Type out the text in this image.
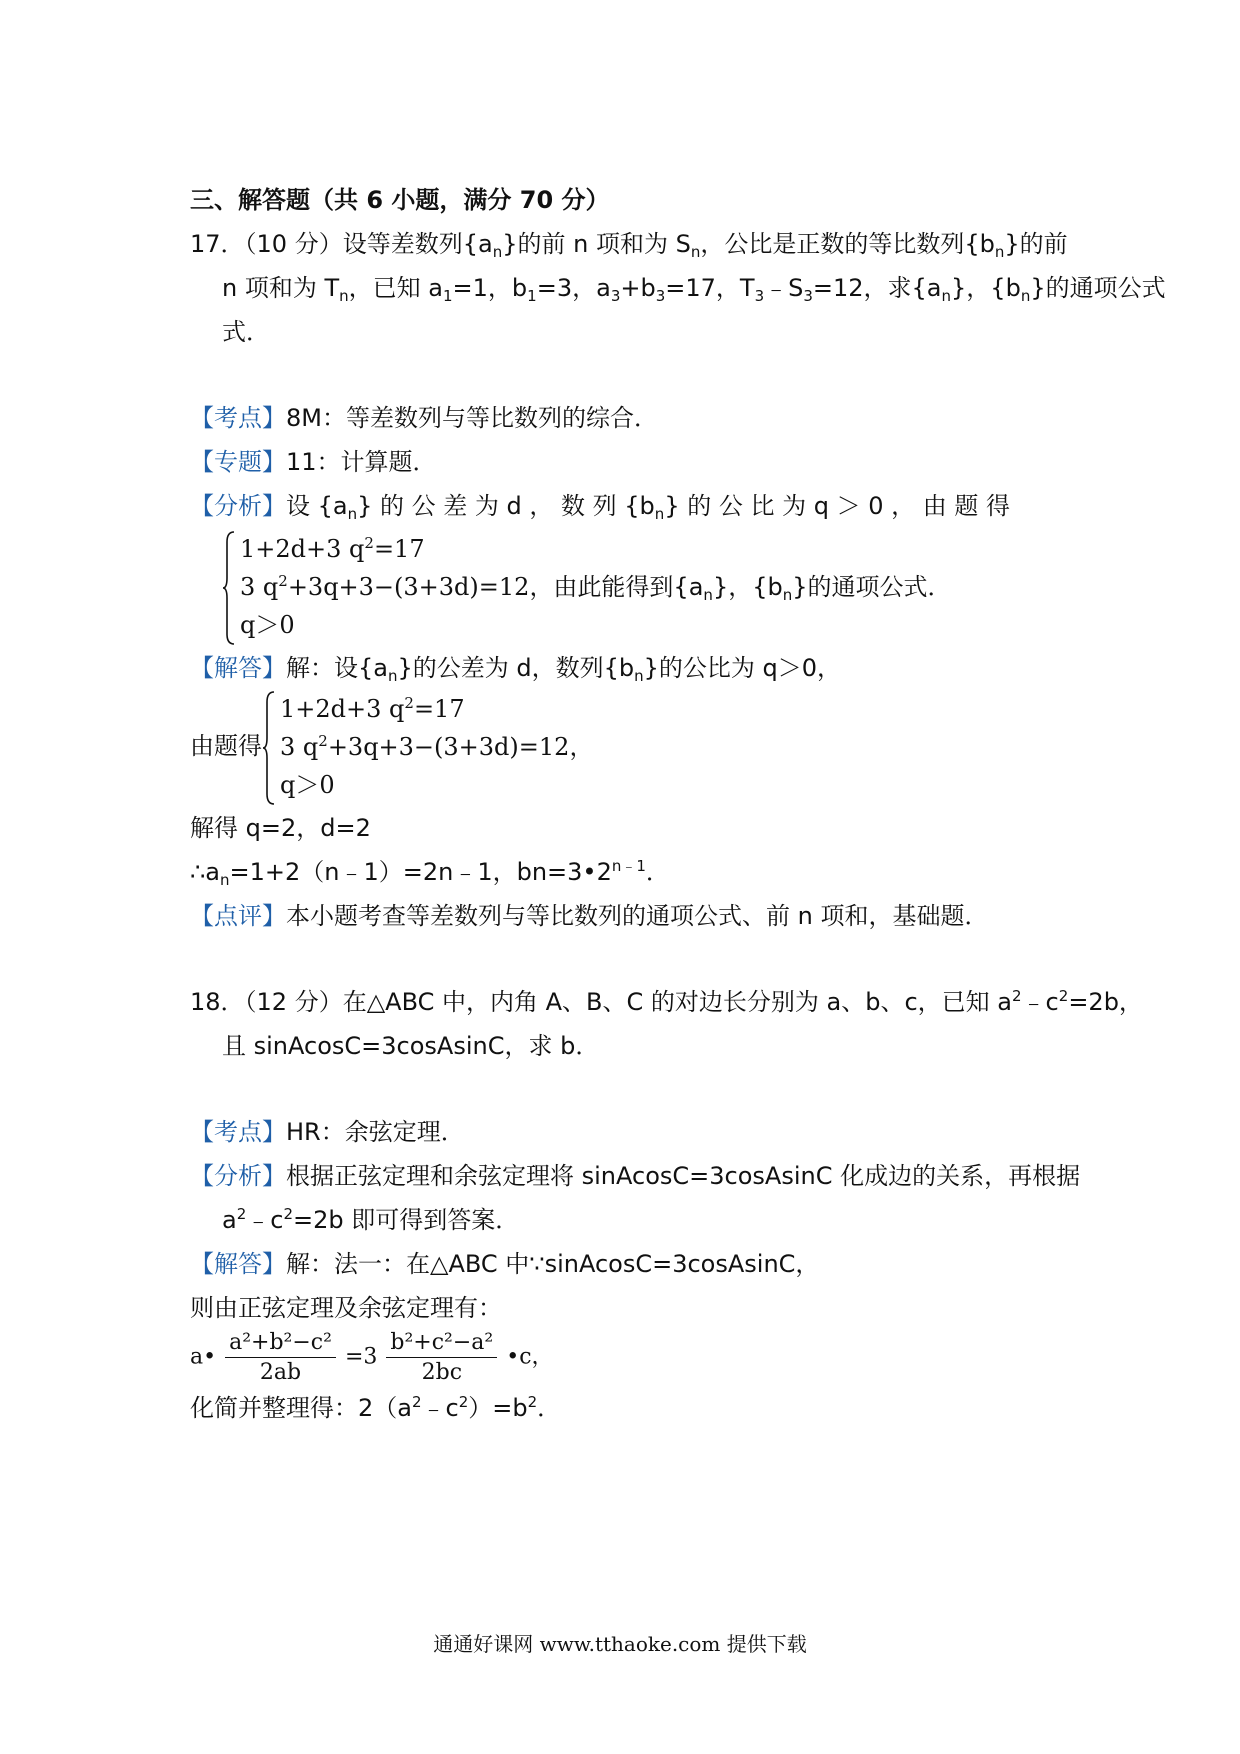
三、解答题（共 6 小题，满分 70 分）
17．（10 分）设等差数列$\{a_n\}$的前 n 项和为 $S_n$，公比是正数的等比数列$\{b_n\}$的前
n 项和为 $T_n$，已知 $a_1=1$，$b_1=3$，$a_3+b_3=17$，$T_3﹣S_3=12$，求$\{a_n\}$，$\{b_n\}$的通项公式
式．
【考点】8M：等差数列与等比数列的综合．
【专题】11：计算题．
【分析】设 $\{a_n\}$ 的 公 差 为 d ， 数 列 $\{b_n\}$ 的 公 比 为 q ＞ 0 ， 由 题 得
1+2d+3 $q^2=17$
3 $q^2+3q+3-(3+3d)=12$，由此能得到$\{a_n\}$，$\{b_n\}$的通项公式．
q＞0
【解答】解：设$\{a_n\}$的公差为 d，数列$\{b_n\}$的公比为 q＞0，
由题得
1+2d+3 $q^2=17$
3 $q^2+3q+3-(3+3d)=12$，
q＞0
解得 q=2，d=2
$\therefore a_n=1+2(n﹣1)=2n﹣1$，$bn=3•2^{n﹣1}$．
【点评】本小题考查等差数列与等比数列的通项公式、前 n 项和，基础题．
18．（12 分）在△ABC 中，内角 A、B、C 的对边长分别为 a、b、c，已知 $a^2﹣c^2=2b$，
且 sinAcosC=3cosAsinC，求 b．
【考点】HR：余弦定理．
【分析】根据正弦定理和余弦定理将 sinAcosC=3cosAsinC 化成边的关系，再根据
$a^2﹣c^2=2b$ 即可得到答案．
【解答】解：法一：在△ABC 中∵sinAcosC=3cosAsinC，
则由正弦定理及余弦定理有：
a• $\frac{\text{a²+b²−c²}}{2ab} =3 \frac{\text{b²+c²−a²}}{2bc}$ •c，
化简并整理得：$2(a^2﹣c^2)=b^2$．
通通好课网 www.tthaoke.com 提供下载
